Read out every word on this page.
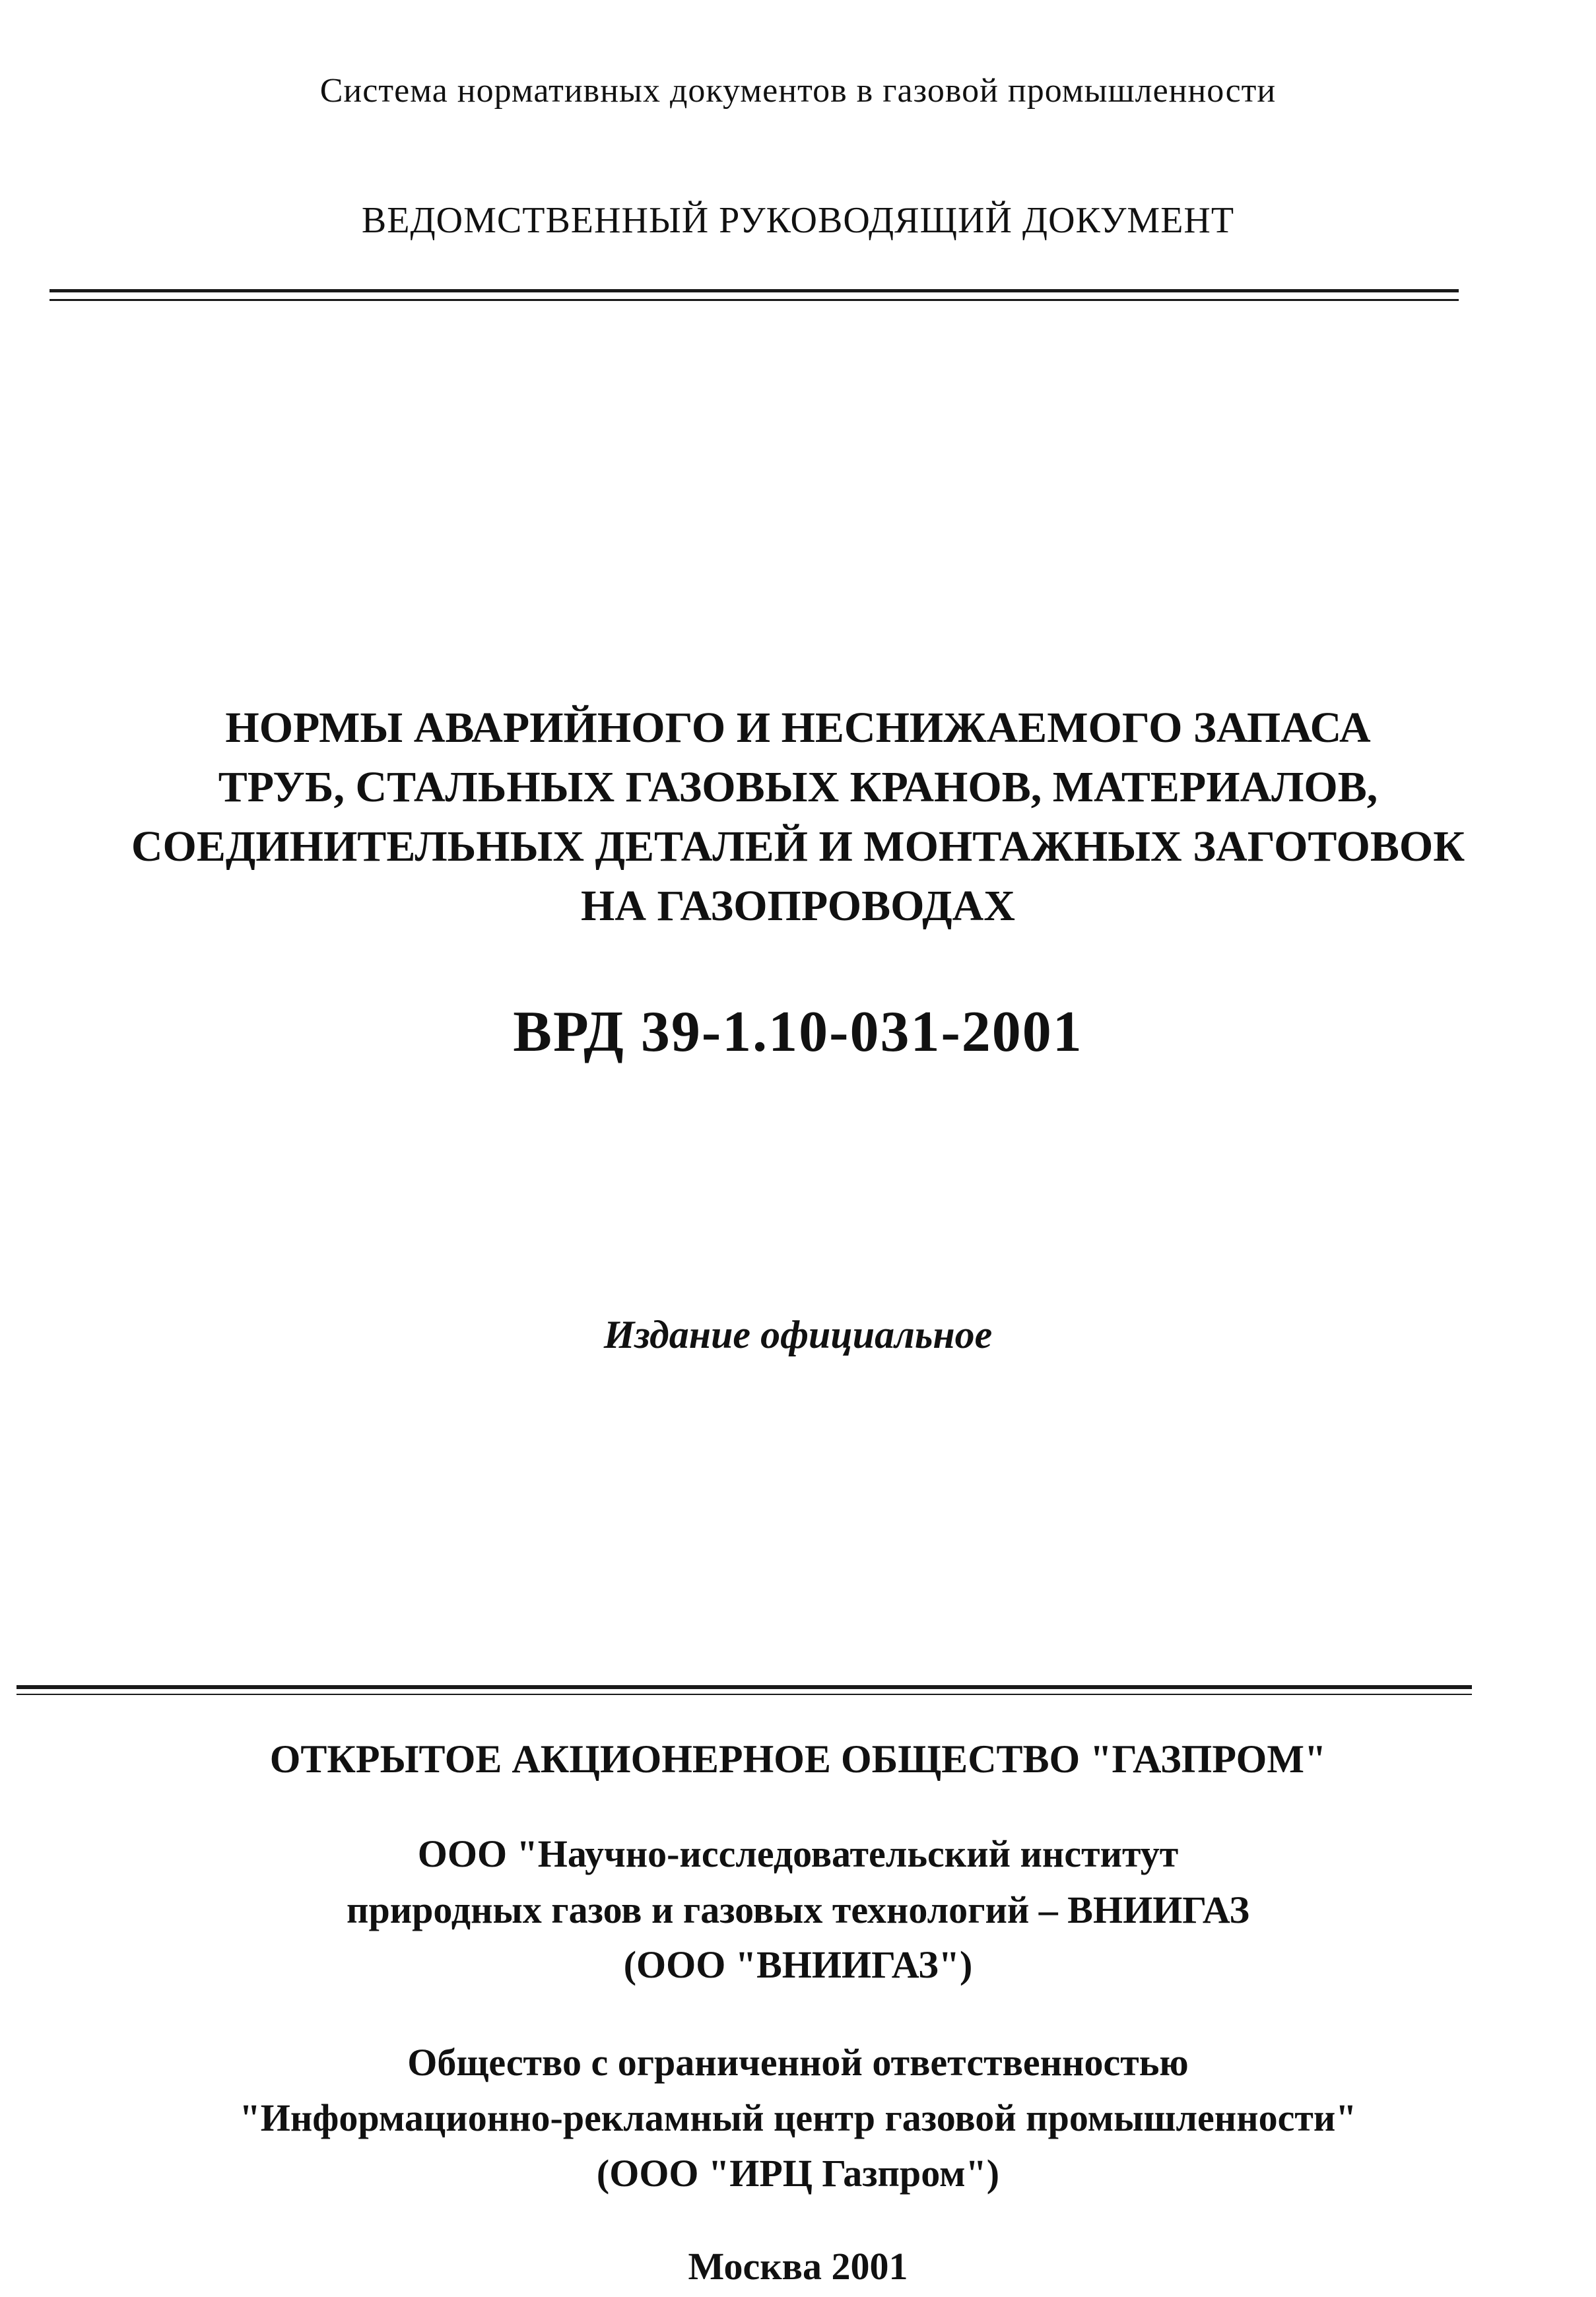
Система нормативных документов в газовой промышленности
ВЕДОМСТВЕННЫЙ РУКОВОДЯЩИЙ ДОКУМЕНТ
НОРМЫ АВАРИЙНОГО И НЕСНИЖАЕМОГО ЗАПАСА
ТРУБ, СТАЛЬНЫХ ГАЗОВЫХ КРАНОВ, МАТЕРИАЛОВ,
СОЕДИНИТЕЛЬНЫХ ДЕТАЛЕЙ И МОНТАЖНЫХ ЗАГОТОВОК
НА ГАЗОПРОВОДАХ
ВРД 39-1.10-031-2001
Издание официальное
ОТКРЫТОЕ АКЦИОНЕРНОЕ ОБЩЕСТВО "ГАЗПРОМ"
ООО "Научно-исследовательский институт
природных газов и газовых технологий – ВНИИГАЗ
(ООО "ВНИИГАЗ")
Общество с ограниченной ответственностью
"Информационно-рекламный центр газовой промышленности"
(ООО "ИРЦ Газпром")
Москва 2001
